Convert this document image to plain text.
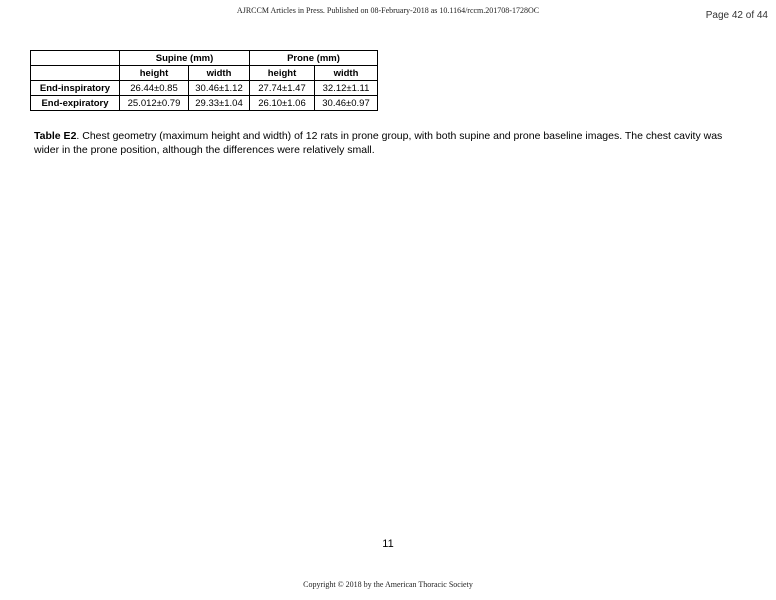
AJRCCM Articles in Press. Published on 08-February-2018 as 10.1164/rccm.201708-1728OC	Page 42 of 44
	Supine (mm)		Prone (mm)	
	height	width	height	width
End-inspiratory	26.44±0.85	30.46±1.12	27.74±1.47	32.12±1.11
End-expiratory	25.012±0.79	29.33±1.04	26.10±1.06	30.46±0.97
Table E2. Chest geometry (maximum height and width) of 12 rats in prone group, with both supine and prone baseline images. The chest cavity was wider in the prone position, although the differences were relatively small.
11
Copyright © 2018 by the American Thoracic Society
